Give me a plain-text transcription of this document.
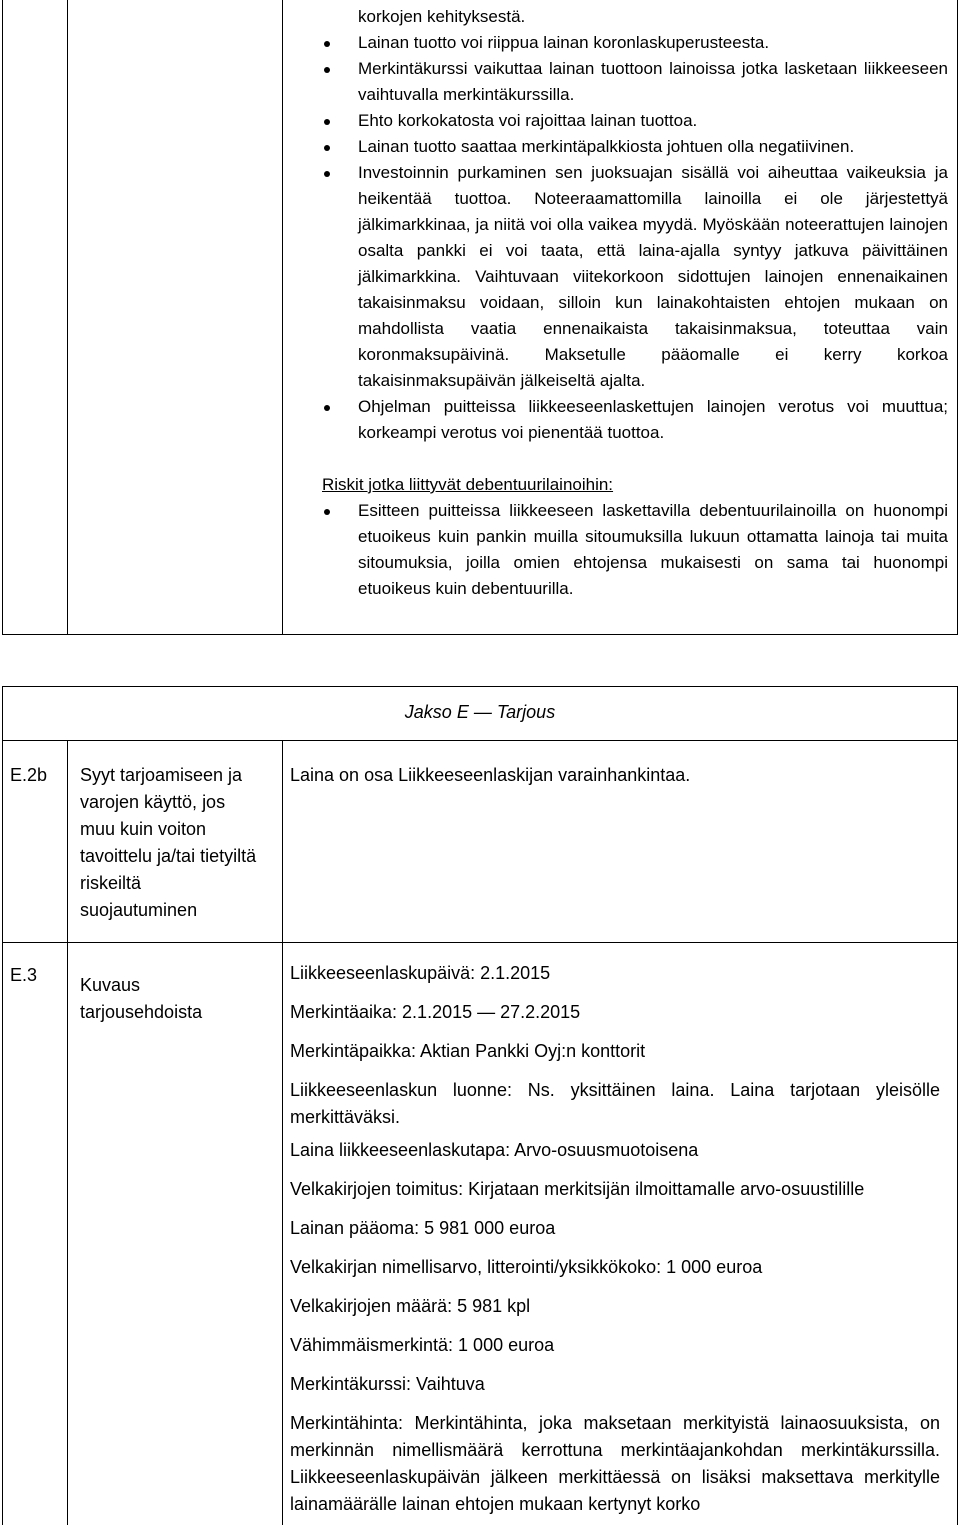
korkojen kehityksestä.

Lainan tuotto voi riippua lainan koronlaskuperusteesta.
Merkintäkurssi vaikuttaa lainan tuottoon lainoissa jotka lasketaan liikkeeseen vaihtuvalla merkintäkurssilla.
Ehto korkokatosta voi rajoittaa lainan tuottoa.
Lainan tuotto saattaa merkintäpalkkiosta johtuen olla negatiivinen.
Investoinnin purkaminen sen juoksuajan sisällä voi aiheuttaa vaikeuksia ja heikentää tuottoa. Noteeraamattomilla lainoilla ei ole järjestettyä jälkimarkkinaa, ja niitä voi olla vaikea myydä. Myöskään noteerattujen lainojen osalta pankki ei voi taata, että laina-ajalla syntyy jatkuva päivittäinen jälkimarkkina. Vaihtuvaan viitekorkoon sidottujen lainojen ennenaikainen takaisinmaksu voidaan, silloin kun lainakohtaisten ehtojen mukaan on mahdollista vaatia ennenaikaista takaisinmaksua, toteuttaa vain koronmaksupäivinä. Maksetulle pääomalle ei kerry korkoa takaisinmaksupäivän jälkeiseltä ajalta.
Ohjelman puitteissa liikkeeseenlaskettujen lainojen verotus voi muuttua; korkeampi verotus voi pienentää tuottoa.

Riskit jotka liittyvät debentuurilainoihin:

Esitteen puitteissa liikkeeseen laskettavilla debentuurilainoilla on huonompi etuoikeus kuin pankin muilla sitoumuksilla lukuun ottamatta lainoja tai muita sitoumuksia, joilla omien ehtojensa mukaisesti on sama tai huonompi etuoikeus kuin debentuurilla.
Jakso E — Tarjous
E.2b	Syyt tarjoamiseen ja
varojen käyttö, jos
muu kuin voiton
tavoittelu ja/tai tietyiltä
riskeiltä
suojautuminen
Laina on osa Liikkeeseenlaskijan varainhankintaa.
E.3	Kuvaus
tarjousehdoista

Liikkeeseenlaskupäivä: 2.1.2015

Merkintäaika: 2.1.2015 — 27.2.2015

Merkintäpaikka: Aktian Pankki Oyj:n konttorit

Liikkeeseenlaskun luonne: Ns. yksittäinen laina. Laina tarjotaan yleisölle merkittäväksi.

Laina liikkeeseenlaskutapa: Arvo-osuusmuotoisena

Velkakirjojen toimitus: Kirjataan merkitsijän ilmoittamalle arvo-osuustilille

Lainan pääoma: 5 981 000 euroa

Velkakirjan nimellisarvo, litterointi/yksikkökoko: 1 000 euroa

Velkakirjojen määrä: 5 981 kpl

Vähimmäismerkintä: 1 000 euroa

Merkintäkurssi: Vaihtuva

Merkintähinta: Merkintähinta, joka maksetaan merkityistä lainaosuuksista, on merkinnän nimellismäärä kerrottuna merkintäajankohdan merkintäkurssilla. Liikkeeseenlaskupäivän jälkeen merkittäessä on lisäksi maksettava merkitylle lainamäärälle lainan ehtojen mukaan kertynyt korko
